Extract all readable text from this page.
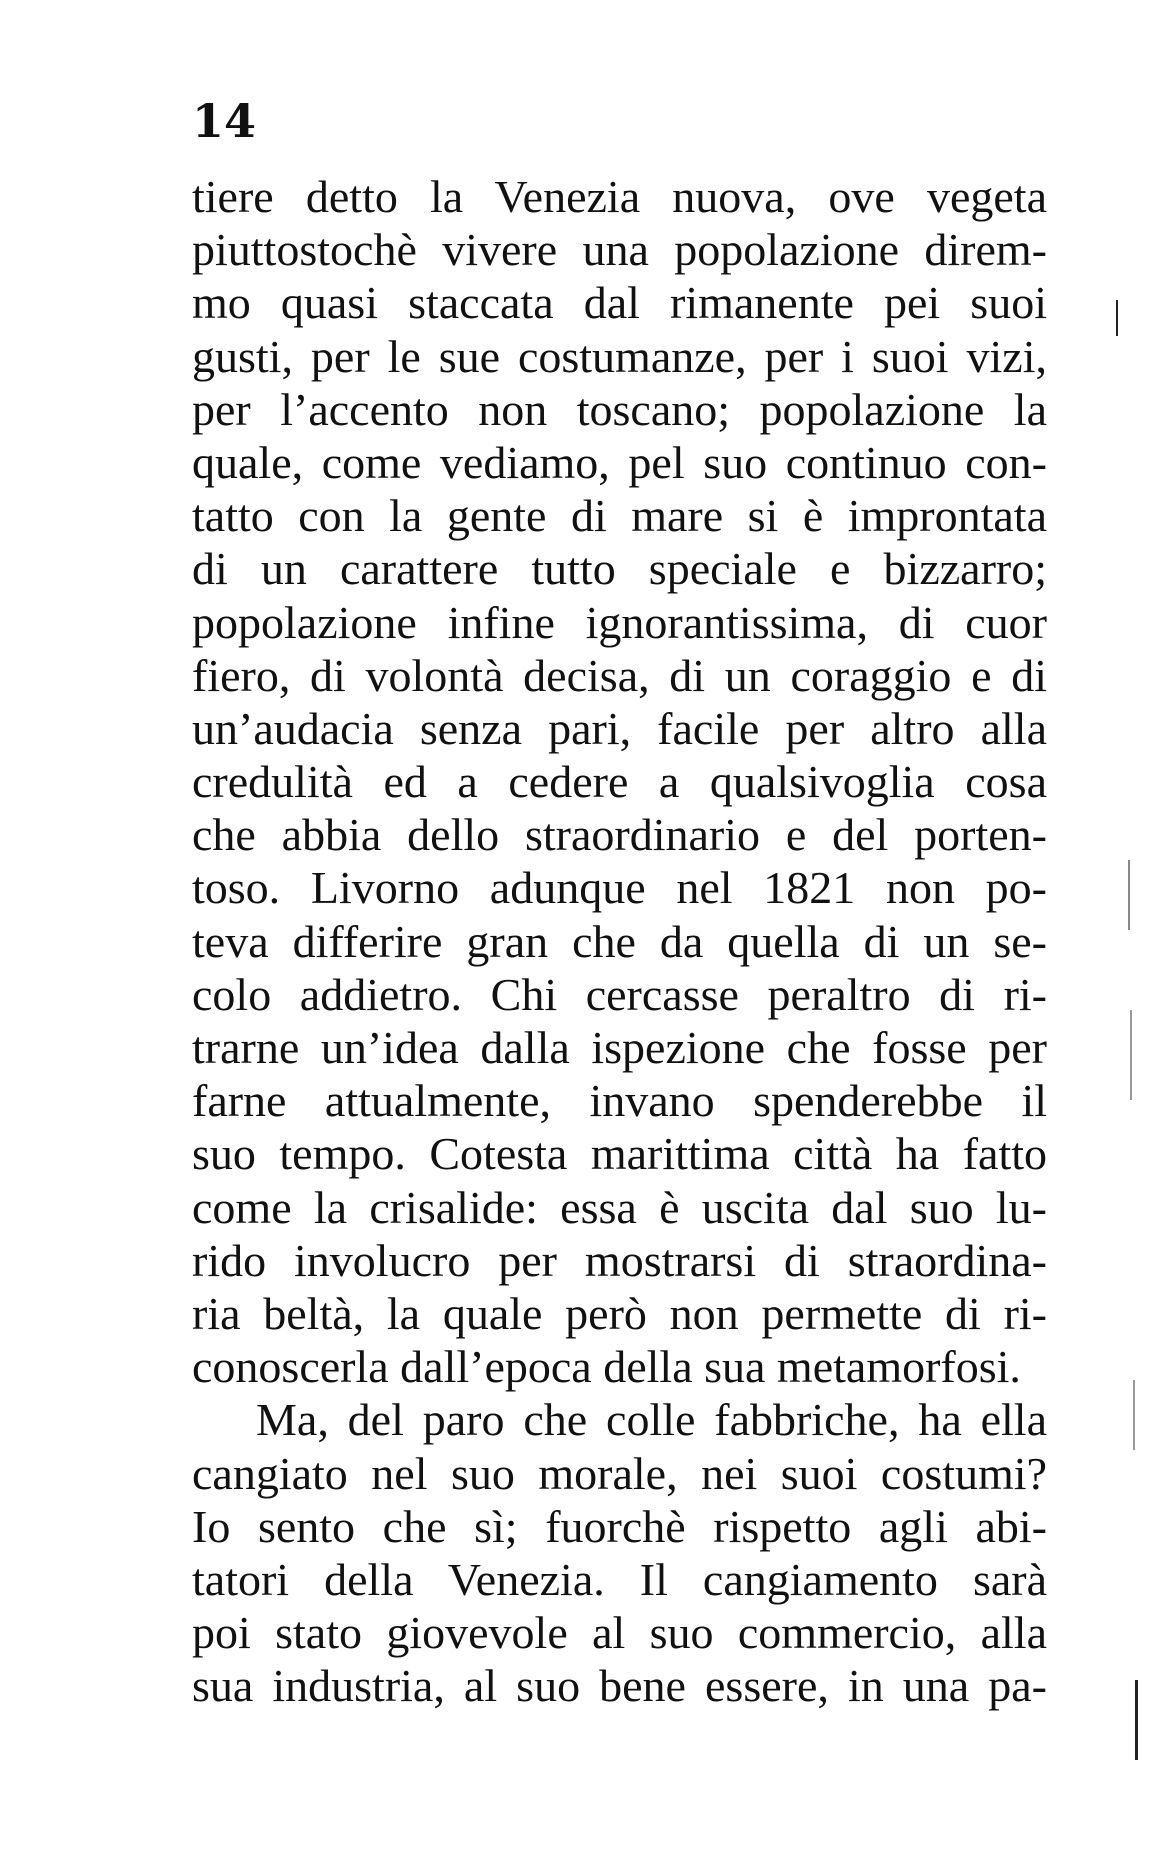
14
tiere detto la Venezia nuova, ove vegeta
piuttostochè vivere una popolazione direm-
mo quasi staccata dal rimanente pei suoi
gusti, per le sue costumanze, per i suoi vizi,
per l’accento non toscano; popolazione la
quale, come vediamo, pel suo continuo con-
tatto con la gente di mare si è improntata
di un carattere tutto speciale e bizzarro;
popolazione infine ignorantissima, di cuor
fiero, di volontà decisa, di un coraggio e di
un’audacia senza pari, facile per altro alla
credulità ed a cedere a qualsivoglia cosa
che abbia dello straordinario e del porten-
toso. Livorno adunque nel 1821 non po-
teva differire gran che da quella di un se-
colo addietro. Chi cercasse peraltro di ri-
trarne un’idea dalla ispezione che fosse per
farne attualmente, invano spenderebbe il
suo tempo. Cotesta marittima città ha fatto
come la crisalide: essa è uscita dal suo lu-
rido involucro per mostrarsi di straordina-
ria beltà, la quale però non permette di ri-
conoscerla dall’epoca della sua metamorfosi.
Ma, del paro che colle fabbriche, ha ella
cangiato nel suo morale, nei suoi costumi?
Io sento che sì; fuorchè rispetto agli abi-
tatori della Venezia. Il cangiamento sarà
poi stato giovevole al suo commercio, alla
sua industria, al suo bene essere, in una pa-
